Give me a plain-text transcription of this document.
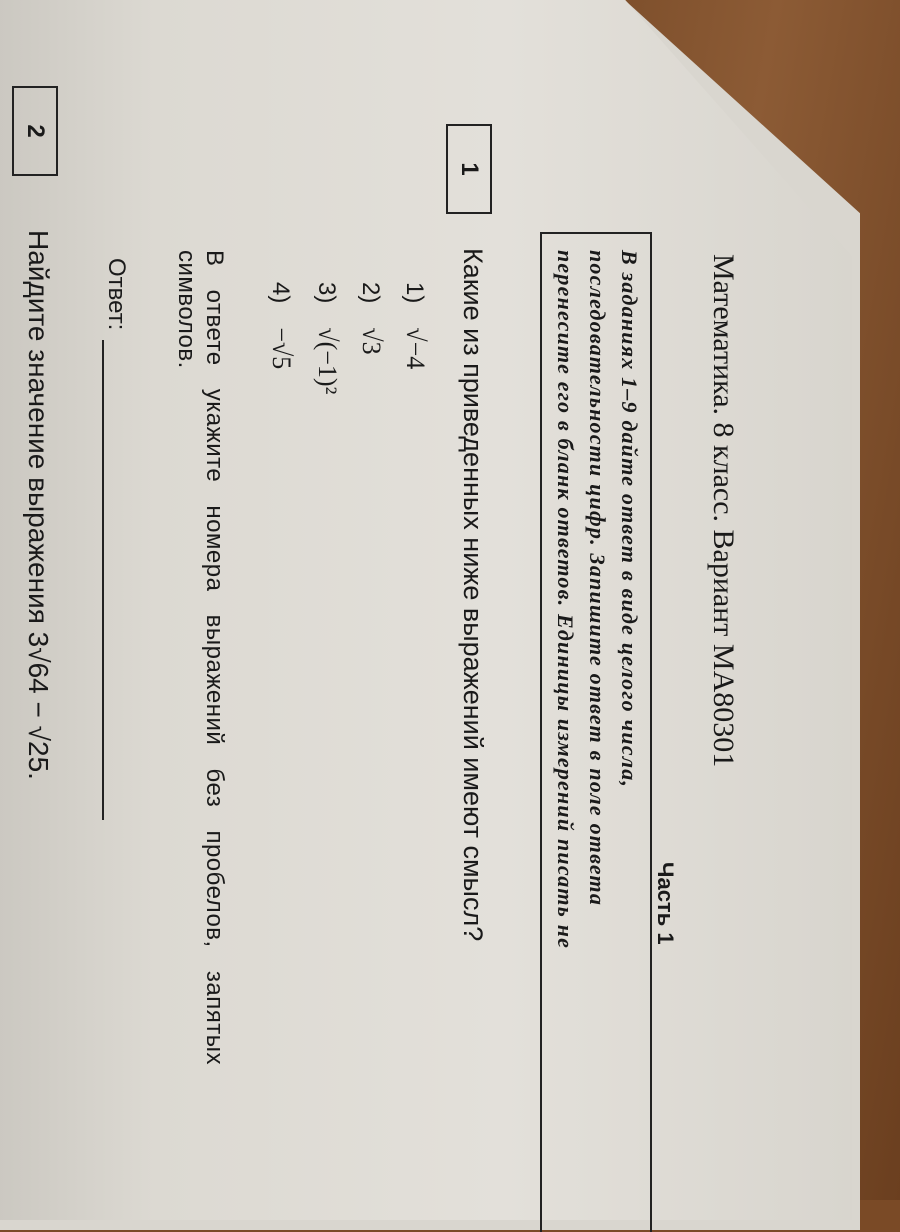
Математика. 8 класс. Вариант МА80301
Часть 1
В заданиях 1–9 дайте ответ в виде целого числа,
последовательности цифр. Запишите ответ в поле ответа
перенесите его в бланк ответов. Единицы измерений писать не
1
Какие из приведенных ниже выражений имеют смысл?
1) √−4
2) √3
3) √(−1)²
4) −√5
В ответе укажите номера выражений без пробелов, запятых
символов.
Ответ:
2
Найдите значение выражения 3√64 − √25.
